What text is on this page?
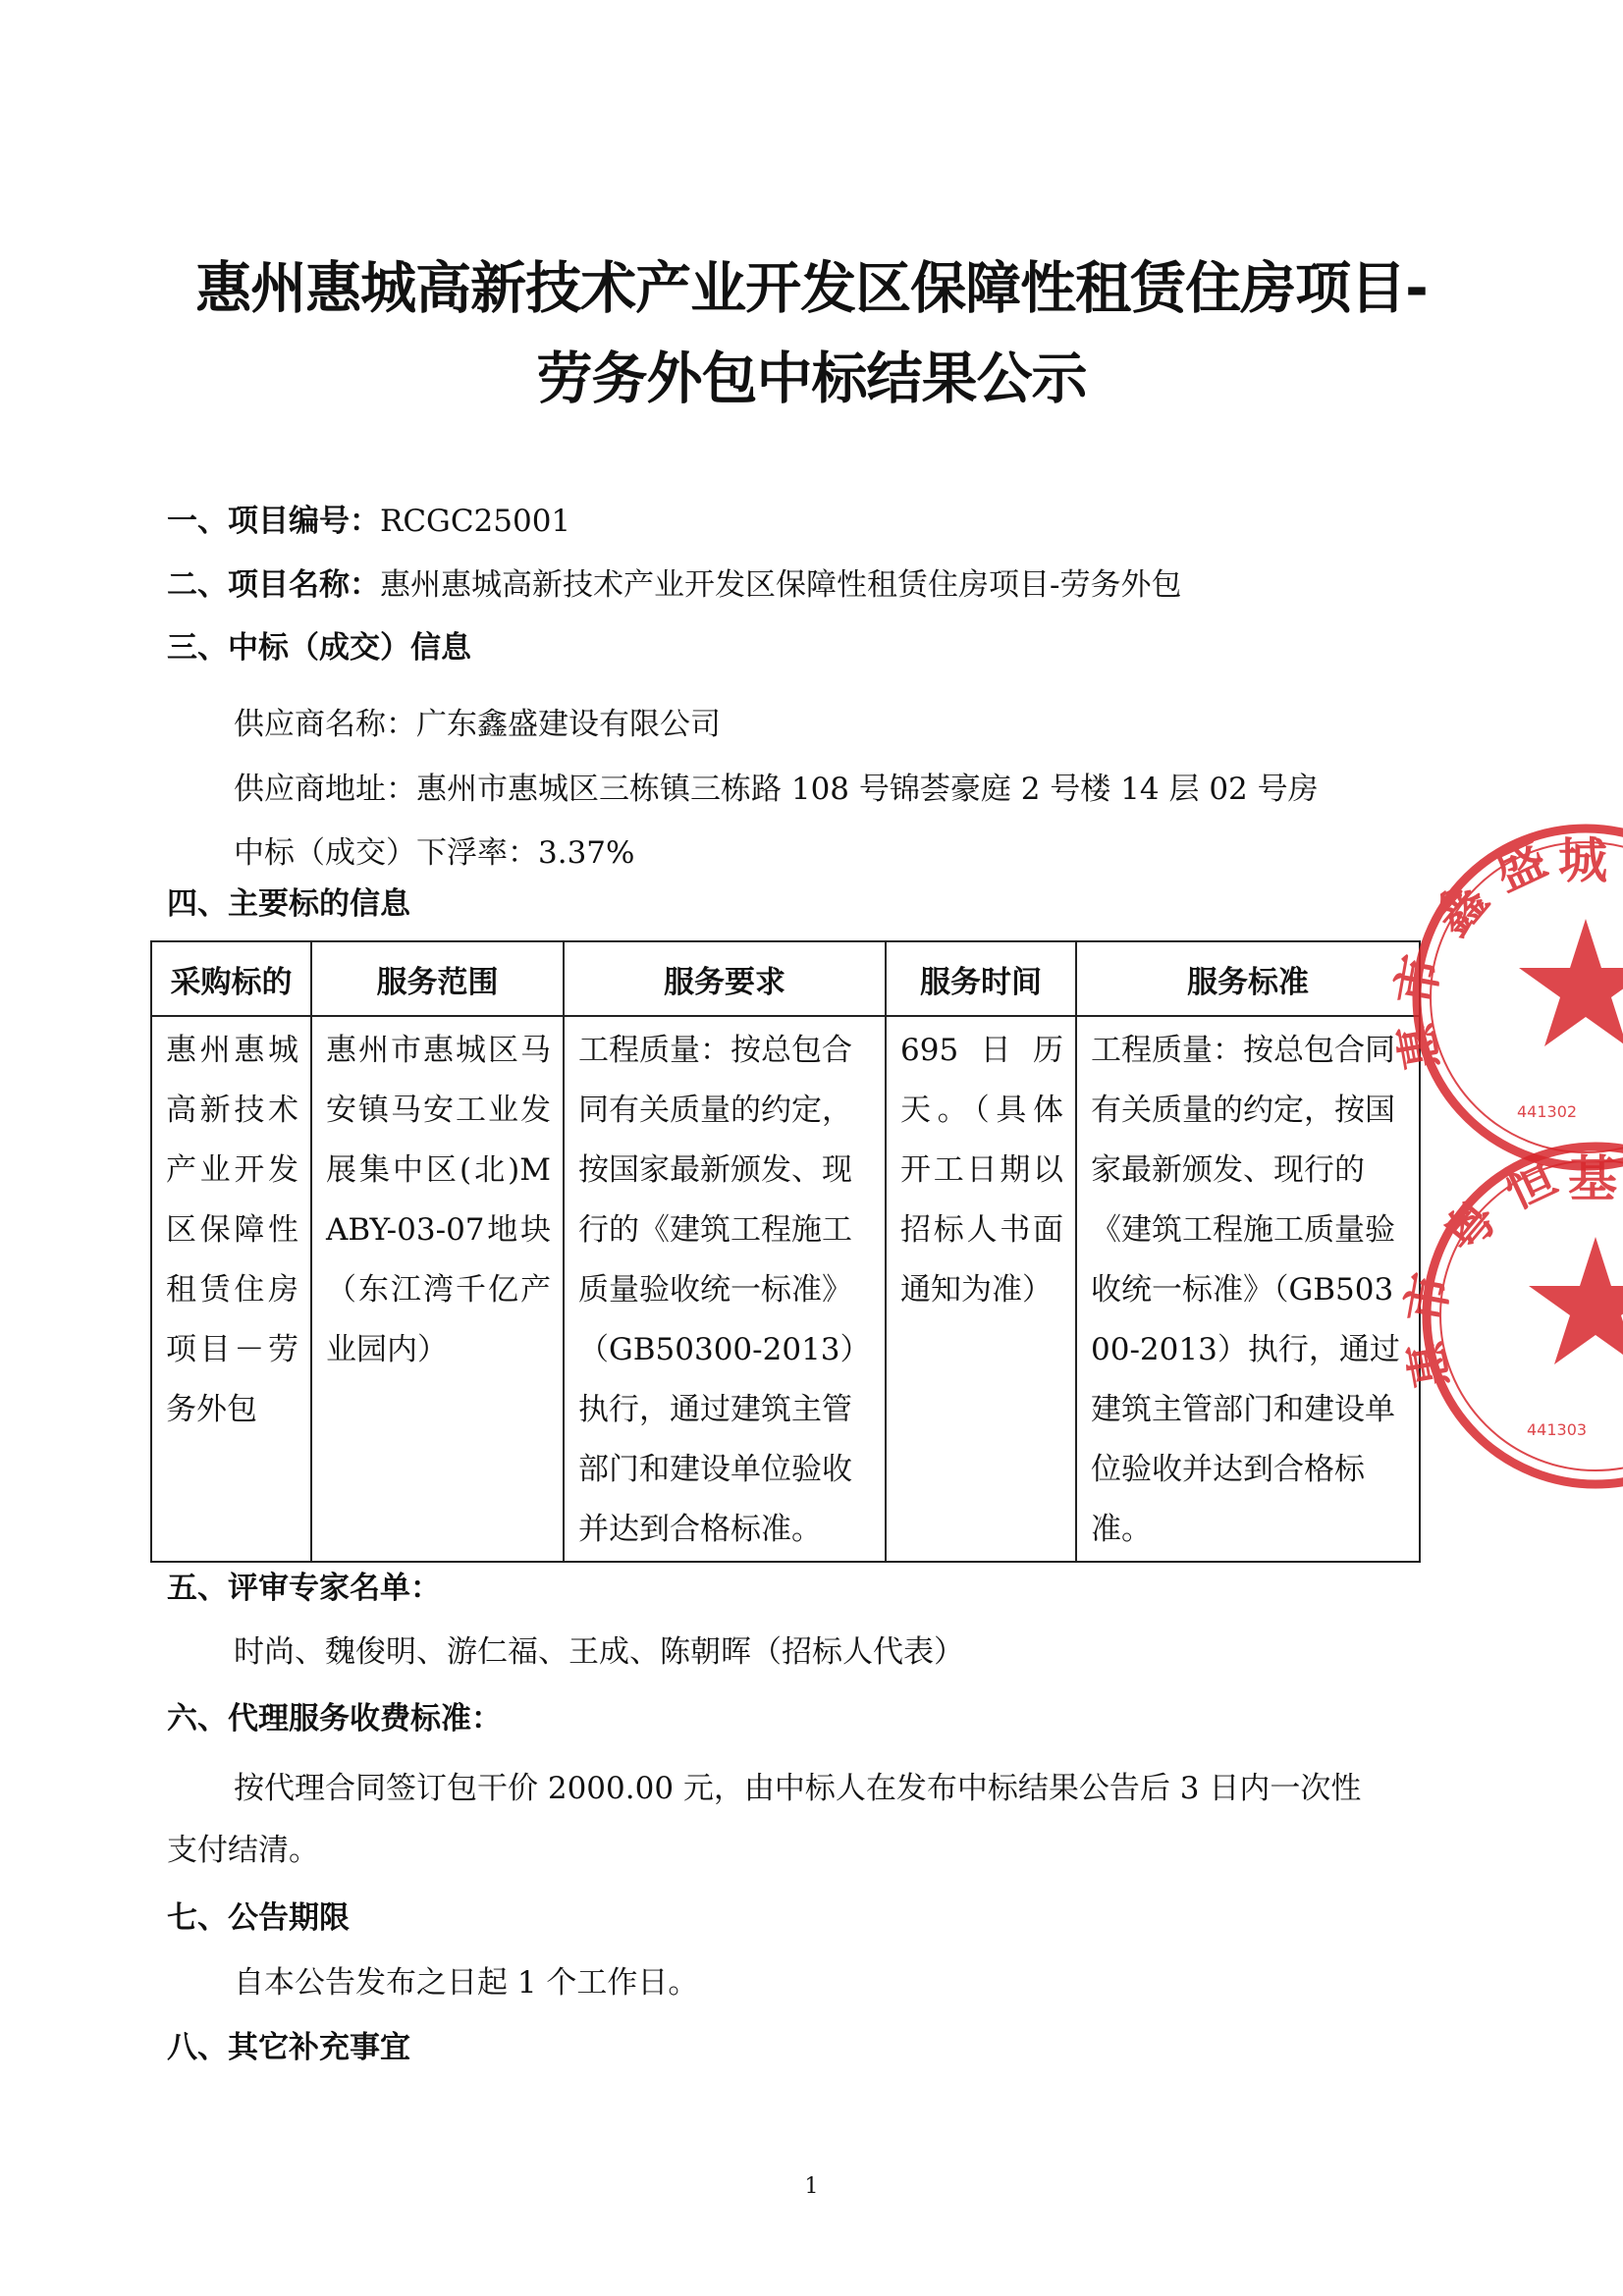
惠州惠城高新技术产业开发区保障性租赁住房项目-
劳务外包中标结果公示
一、项目编号：RCGC25001
二、项目名称：惠州惠城高新技术产业开发区保障性租赁住房项目-劳务外包
三、中标（成交）信息
供应商名称：广东鑫盛建设有限公司
供应商地址：惠州市惠城区三栋镇三栋路 108 号锦荟豪庭 2 号楼 14 层 02 号房
中标（成交）下浮率：3.37%
四、主要标的信息
采购标的	服务范围	服务要求	服务时间	服务标准

惠州惠城高新技术产业开发区保障性租赁住房项目－劳务外包	惠州市惠城区马安镇马安工业发展集中区(北)MABY-03-07地块（东江湾千亿产业园内）	工程质量：按总包合同有关质量的约定，按国家最新颁发、现行的《建筑工程施工质量验收统一标准》（GB50300-2013）执行，通过建筑主管部门和建设单位验收并达到合格标准。	695日历天。（具体开工日期以招标人书面通知为准）	工程质量：按总包合同有关质量的约定，按国家最新颁发、现行的《建筑工程施工质量验收统一标准》（GB50300-2013）执行，通过建筑主管部门和建设单位验收并达到合格标准。
五、评审专家名单：
时尚、魏俊明、游仁福、王成、陈朝晖（招标人代表）
六、代理服务收费标准：
按代理合同签订包干价 2000.00 元，由中标人在发布中标结果公告后 3 日内一次性
支付结清。
七、公告期限
自本公告发布之日起 1 个工作日。
八、其它补充事宜
1
鑫
盛 城
市
惠
441302
粤
恒 基
市
惠
441303
